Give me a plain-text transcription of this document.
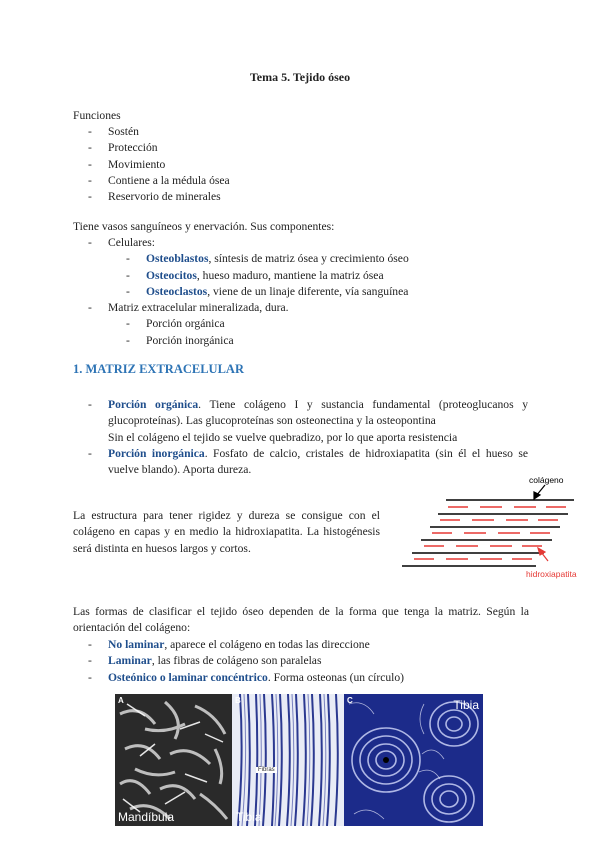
Tema 5. Tejido óseo
Funciones
- Sostén
- Protección
- Movimiento
- Contiene a la médula ósea
- Reservorio de minerales
Tiene vasos sanguíneos y enervación. Sus componentes:
- Celulares:
- Osteoblastos, síntesis de matriz ósea y crecimiento óseo
- Osteocitos, hueso maduro, mantiene la matriz ósea
- Osteoclastos, viene de un linaje diferente, vía sanguínea
- Matriz extracelular mineralizada, dura.
- Porción orgánica
- Porción inorgánica
1. MATRIZ EXTRACELULAR
- Porción orgánica. Tiene colágeno I y sustancia fundamental (proteoglucanos y
glucoproteínas). Las glucoproteínas son osteonectina y la osteopontina
Sin el colágeno el tejido se vuelve quebradizo, por lo que aporta resistencia
- Porción inorgánica. Fosfato de calcio, cristales de hidroxiapatita (sin él el hueso se
vuelve blando). Aporta dureza.
La estructura para tener rigidez y dureza se consigue con el
colágeno en capas y en medio la hidroxiapatita. La histogénesis
será distinta en huesos largos y cortos.
colágeno
hidroxiapatita
Las formas de clasificar el tejido óseo dependen de la forma que tenga la matriz. Según la
orientación del colágeno:
- No laminar, aparece el colágeno en todas las direccione
- Laminar, las fibras de colágeno son paralelas
- Osteónico o laminar concéntrico. Forma osteonas (un círculo)
A
Mandíbula
B
Fibras
Tibia
C	Tibia
